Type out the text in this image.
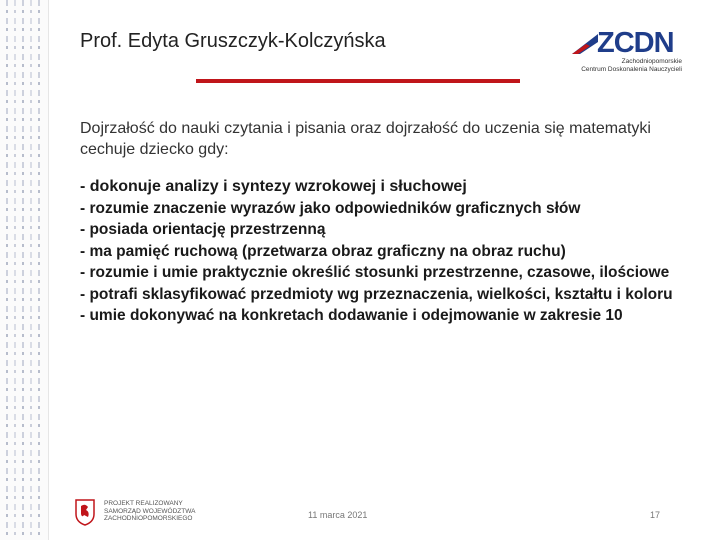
Prof. Edyta Gruszczyk-Kolczyńska	ZCDN
Zachodniopomorskie
Centrum Doskonalenia Nauczycieli
Dojrzałość do nauki czytania i pisania oraz dojrzałość do uczenia się matematyki cechuje dziecko gdy:
- dokonuje analizy i syntezy wzrokowej i słuchowej
- rozumie znaczenie wyrazów jako odpowiedników graficznych słów
- posiada orientację przestrzenną
- ma pamięć ruchową (przetwarza obraz graficzny na obraz ruchu)
- rozumie i umie praktycznie określić stosunki przestrzenne, czasowe, ilościowe
- potrafi sklasyfikować przedmioty wg przeznaczenia, wielkości, kształtu i koloru
- umie dokonywać na konkretach dodawanie i odejmowanie w zakresie 10
PROJEKT REALIZOWANY
SAMORZĄD WOJEWÓDZTWA
ZACHODNIOPOMORSKIEGO	11 marca 2021	17
